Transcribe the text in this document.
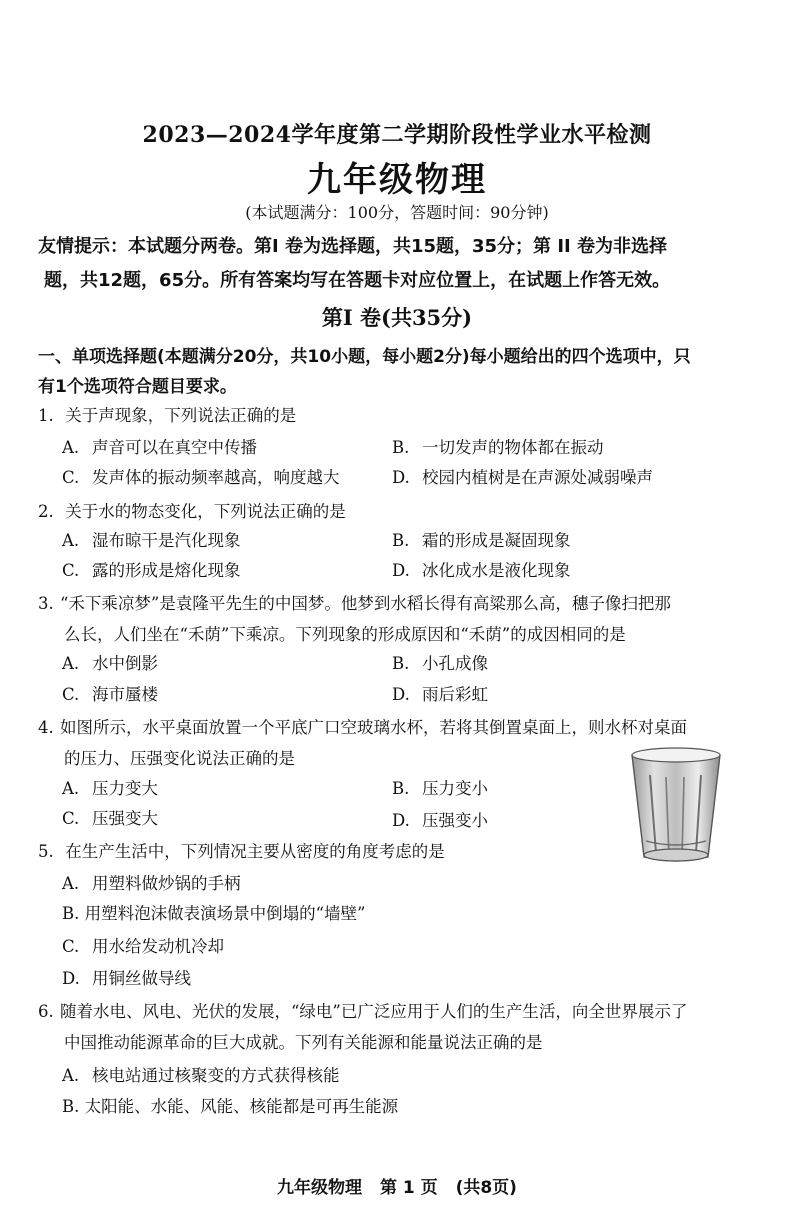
2023—2024学年度第二学期阶段性学业水平检测
九年级物理
(本试题满分：100分，答题时间：90分钟)
友情提示：本试题分两卷。第I 卷为选择题，共15题，35分；第 II 卷为非选择
题，共12题，65分。所有答案均写在答题卡对应位置上，在试题上作答无效。
第I 卷(共35分)
一、单项选择题(本题满分20分，共10小题，每小题2分)每小题给出的四个选项中，只
有1个选项符合题目要求。
1. 关于声现象，下列说法正确的是
A. 声音可以在真空中传播	B. 一切发声的物体都在振动
C. 发声体的振动频率越高，响度越大	D. 校园内植树是在声源处减弱噪声
2. 关于水的物态变化，下列说法正确的是
A. 湿布晾干是汽化现象	B. 霜的形成是凝固现象
C. 露的形成是熔化现象	D. 冰化成水是液化现象
3. “禾下乘凉梦”是袁隆平先生的中国梦。他梦到水稻长得有高粱那么高，穗子像扫把那
么长，人们坐在“禾荫”下乘凉。下列现象的形成原因和“禾荫”的成因相同的是
A. 水中倒影	B. 小孔成像
C. 海市蜃楼	D. 雨后彩虹
4. 如图所示，水平桌面放置一个平底广口空玻璃水杯，若将其倒置桌面上，则水杯对桌面
的压力、压强变化说法正确的是
A. 压力变大	B. 压力变小
C. 压强变大	D. 压强变小
5. 在生产生活中，下列情况主要从密度的角度考虑的是
A. 用塑料做炒锅的手柄
B. 用塑料泡沫做表演场景中倒塌的“墙壁”
C. 用水给发动机冷却
D. 用铜丝做导线
6. 随着水电、风电、光伏的发展，“绿电”已广泛应用于人们的生产生活，向全世界展示了
中国推动能源革命的巨大成就。下列有关能源和能量说法正确的是
A. 核电站通过核聚变的方式获得核能
B. 太阳能、水能、风能、核能都是可再生能源
九年级物理 第 1 页 (共8页)
